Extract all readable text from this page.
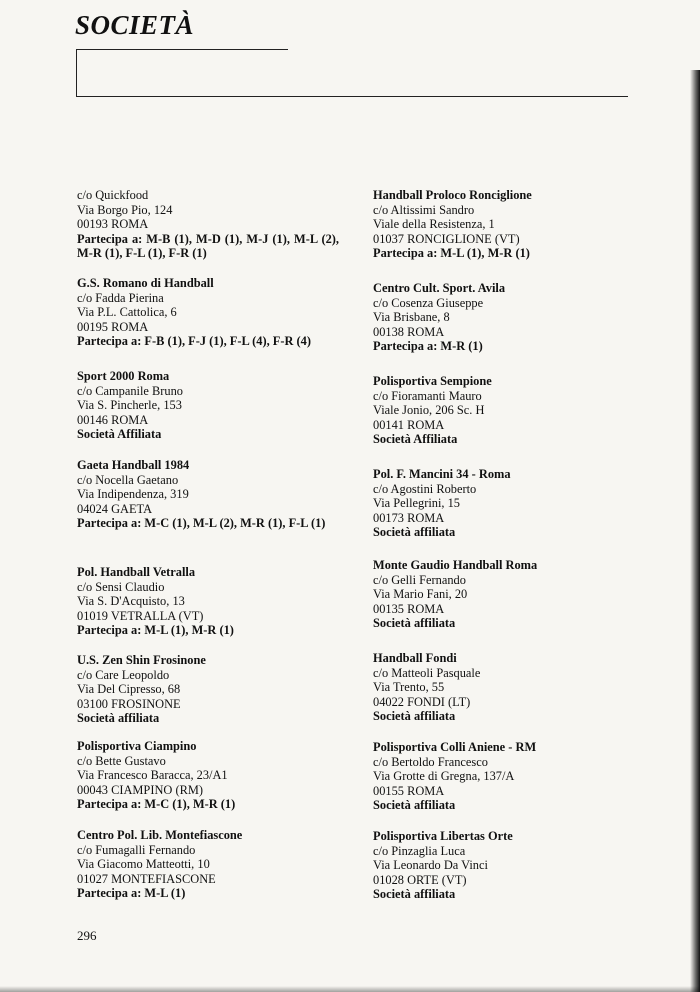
SOCIETÀ
c/o Quickfood
Via Borgo Pio, 124
00193 ROMA
Partecipa a: M-B (1), M-D (1), M-J (1), M-L (2), M-R (1), F-L (1), F-R (1)
G.S. Romano di Handball
c/o Fadda Pierina
Via P.L. Cattolica, 6
00195 ROMA
Partecipa a: F-B (1), F-J (1), F-L (4), F-R (4)
Sport 2000 Roma
c/o Campanile Bruno
Via S. Pincherle, 153
00146 ROMA
Società Affiliata
Gaeta Handball 1984
c/o Nocella Gaetano
Via Indipendenza, 319
04024 GAETA
Partecipa a: M-C (1), M-L (2), M-R (1), F-L (1)
Pol. Handball Vetralla
c/o Sensi Claudio
Via S. D'Acquisto, 13
01019 VETRALLA (VT)
Partecipa a: M-L (1), M-R (1)
U.S. Zen Shin Frosinone
c/o Care Leopoldo
Via Del Cipresso, 68
03100 FROSINONE
Società affiliata
Polisportiva Ciampino
c/o Bette Gustavo
Via Francesco Baracca, 23/A1
00043 CIAMPINO (RM)
Partecipa a: M-C (1), M-R (1)
Centro Pol. Lib. Montefiascone
c/o Fumagalli Fernando
Via Giacomo Matteotti, 10
01027 MONTEFIASCONE
Partecipa a: M-L (1)
Handball Proloco Ronciglione
c/o Altissimi Sandro
Viale della Resistenza, 1
01037 RONCIGLIONE (VT)
Partecipa a: M-L (1), M-R (1)
Centro Cult. Sport. Avila
c/o Cosenza Giuseppe
Via Brisbane, 8
00138 ROMA
Partecipa a: M-R (1)
Polisportiva Sempione
c/o Fioramanti Mauro
Viale Jonio, 206 Sc. H
00141 ROMA
Società Affiliata
Pol. F. Mancini 34 - Roma
c/o Agostini Roberto
Via Pellegrini, 15
00173 ROMA
Società affiliata
Monte Gaudio Handball Roma
c/o Gelli Fernando
Via Mario Fani, 20
00135 ROMA
Società affiliata
Handball Fondi
c/o Matteoli Pasquale
Via Trento, 55
04022 FONDI (LT)
Società affiliata
Polisportiva Colli Aniene - RM
c/o Bertoldo Francesco
Via Grotte di Gregna, 137/A
00155 ROMA
Società affiliata
Polisportiva Libertas Orte
c/o Pinzaglia Luca
Via Leonardo Da Vinci
01028 ORTE (VT)
Società affiliata
296
